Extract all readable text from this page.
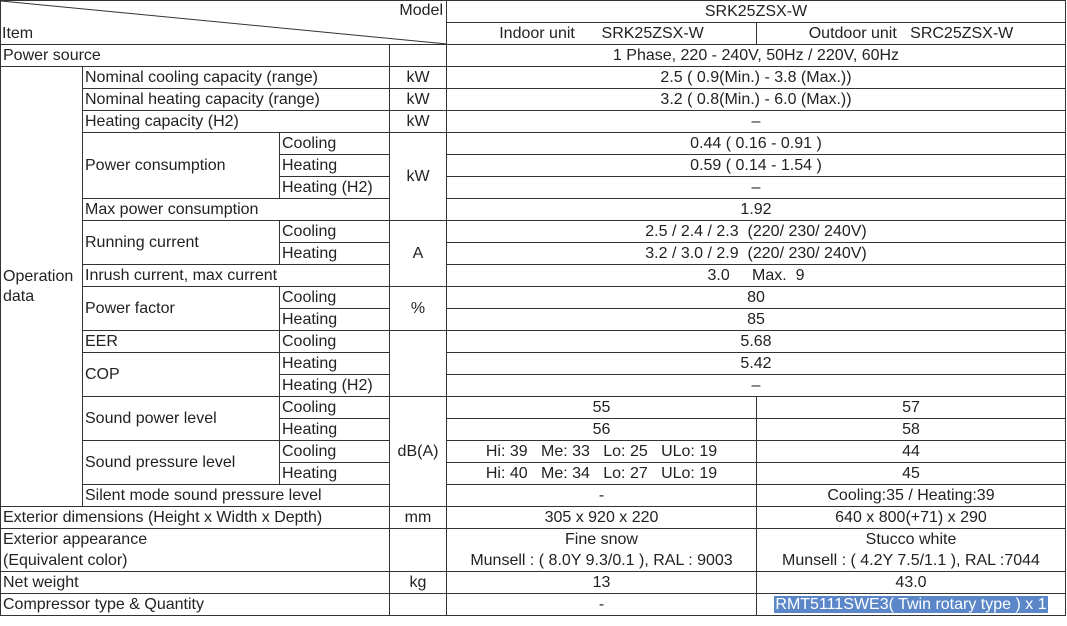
Model
Item				SRK25ZSX-W	
				Indoor unit SRK25ZSX-W	Outdoor unit SRC25ZSX-W
Power source				1 Phase, 220 - 240V, 50Hz / 220V, 60Hz	
Operation
data	Nominal cooling capacity (range)		kW	2.5 ( 0.9(Min.) - 3.8 (Max.))	
	Nominal heating capacity (range)		kW	3.2 ( 0.8(Min.) - 6.0 (Max.))	
	Heating capacity (H2)		kW	–	
	Power consumption	Cooling	kW	0.44 ( 0.16 - 0.91 )	
		Heating		0.59 ( 0.14 - 1.54 )	
		Heating (H2)		–	
	Max power consumption			1.92	
	Running current	Cooling	A	2.5 / 2.4 / 2.3  (220/ 230/ 240V)	
		Heating		3.2 / 3.0 / 2.9  (220/ 230/ 240V)	
	Inrush current, max current			3.0     Max.  9	
	Power factor	Cooling	%	80	
		Heating		85	
	EER	Cooling		5.68	
	COP	Heating		5.42	
		Heating (H2)		–	
	Sound power level	Cooling	dB(A)	55	57
		Heating		56	58
	Sound pressure level	Cooling		Hi: 39   Me: 33   Lo: 25   ULo: 19	44
		Heating		Hi: 40   Me: 34   Lo: 27   ULo: 19	45
	Silent mode sound pressure level			-	Cooling:35 / Heating:39
Exterior dimensions (Height x Width x Depth)			mm	305 x 920 x 220	640 x 800(+71) x 290
Exterior appearance				Fine snow	Stucco white
(Equivalent color)				Munsell : ( 8.0Y 9.3/0.1 ), RAL : 9003	Munsell : ( 4.2Y 7.5/1.1 ), RAL :7044
Net weight			kg	13	43.0
Compressor type & Quantity				-	RMT5111SWE3( Twin rotary type ) x 1
